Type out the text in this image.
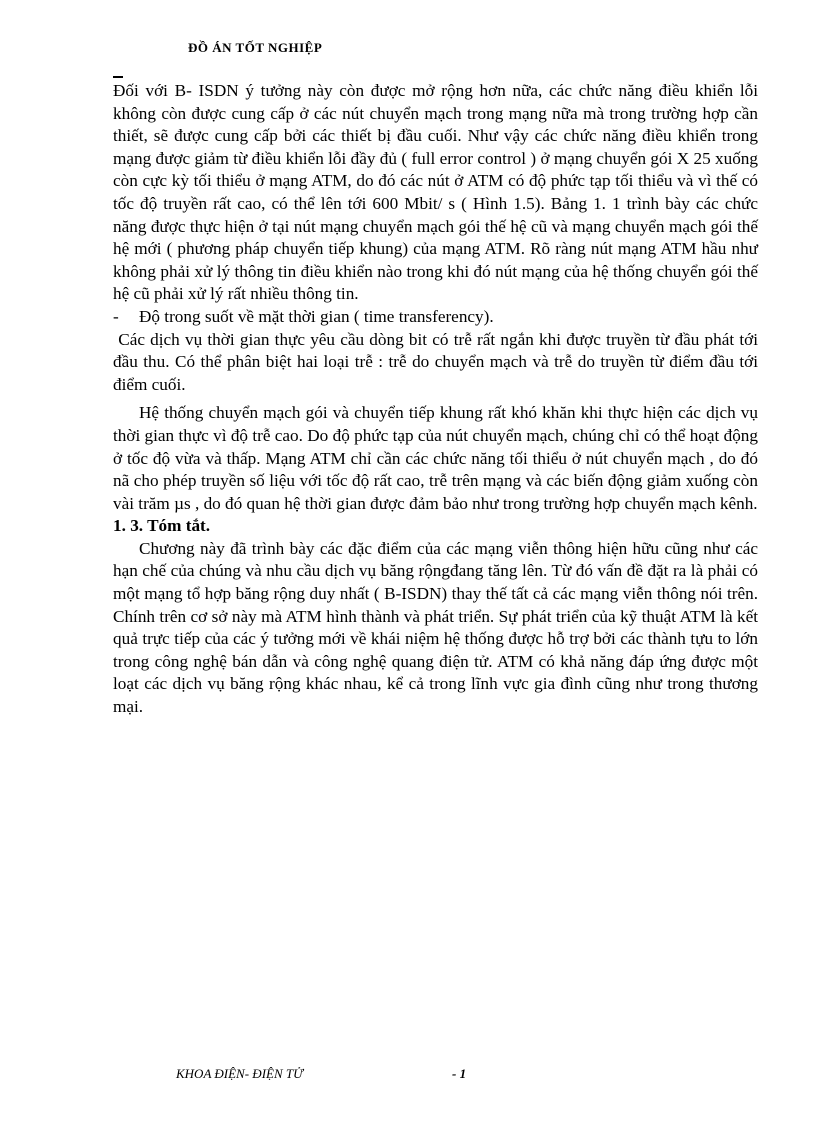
ĐỒ ÁN TỐT NGHIỆP

Đối với B- ISDN ý tưởng này còn được mở rộng hơn nữa, các chức năng điều khiển lỗi không còn được cung cấp ở các nút chuyển mạch trong mạng nữa mà trong trường hợp cần thiết, sẽ được cung cấp bởi các thiết bị đầu cuối. Như vậy các chức năng điều khiển trong mạng được giảm từ điều khiển lỗi đầy đủ ( full error control ) ở mạng chuyển gói X 25 xuống còn cực kỳ tối thiểu ở mạng ATM, do đó các nút ở ATM có độ phức tạp tối thiểu và vì thế có tốc độ truyền rất cao, có thể lên tới 600 Mbit/ s ( Hình 1.5). Bảng 1. 1 trình bày các chức năng được thực hiện ở tại nút mạng chuyển mạch gói thế hệ cũ và mạng chuyển mạch gói thế hệ mới ( phương pháp chuyển tiếp khung) của mạng ATM. Rõ ràng nút mạng ATM hầu như không phải xử lý thông tin điều khiển nào trong khi đó nút mạng của hệ thống chuyển gói thế hệ cũ phải xử lý rất nhiều thông tin.

- Độ trong suốt về mặt thời gian ( time transferency).

Các dịch vụ thời gian thực yêu cầu dòng bit có trễ rất ngắn khi được truyền từ đầu phát tới đầu thu. Có thể phân biệt hai loại trễ : trễ do chuyển mạch và trễ do truyền từ điểm đầu tới điểm cuối.

Hệ thống chuyển mạch gói và chuyển tiếp khung rất khó khăn khi thực hiện các dịch vụ thời gian thực vì độ trễ cao. Do độ phức tạp của nút chuyển mạch, chúng chỉ có thể hoạt động ở tốc độ vừa và thấp. Mạng ATM chỉ cần các chức năng tối thiểu ở nút chuyển mạch , do đó nã cho phép truyền số liệu với tốc độ rất cao, trễ trên mạng và các biến động giảm xuống còn vài trăm µs , do đó quan hệ thời gian được đảm bảo như trong trường hợp chuyển mạch kênh.

1. 3. Tóm tắt.

Chương này đã trình bày các đặc điểm của các mạng viễn thông hiện hữu cũng như các hạn chế của chúng và nhu cầu dịch vụ băng rộngđang tăng lên. Từ đó vấn đề đặt ra là phải có một mạng tổ hợp băng rộng duy nhất ( B-ISDN) thay thế tất cả các mạng viễn thông nói trên. Chính trên cơ sở này mà ATM hình thành và phát triển. Sự phát triển của kỹ thuật ATM là kết quả trực tiếp của các ý tưởng mới về khái niệm hệ thống được hỗ trợ bởi các thành tựu to lớn trong công nghệ bán dẫn và công nghệ quang điện tử. ATM có khả năng đáp ứng được một loạt các dịch vụ băng rộng khác nhau, kể cả trong lĩnh vực gia đình cũng như trong thương mại.

KHOA ĐIỆN- ĐIỆN TỬ	- 1
